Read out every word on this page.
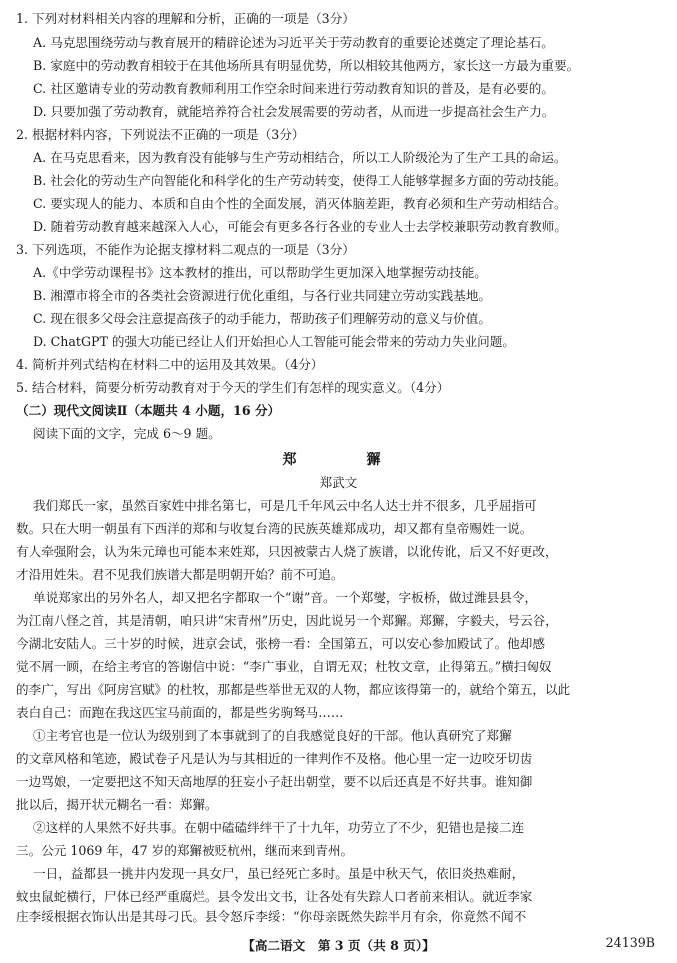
1. 下列对材料相关内容的理解和分析，正确的一项是（3分）
A. 马克思围绕劳动与教育展开的精辟论述为习近平关于劳动教育的重要论述奠定了理论基石。
B. 家庭中的劳动教育相较于在其他场所具有明显优势，所以相较其他两方，家长这一方最为重要。
C. 社区邀请专业的劳动教育教师利用工作空余时间来进行劳动教育知识的普及，是有必要的。
D. 只要加强了劳动教育，就能培养符合社会发展需要的劳动者，从而进一步提高社会生产力。
2. 根据材料内容，下列说法不正确的一项是（3分）
A. 在马克思看来，因为教育没有能够与生产劳动相结合，所以工人阶级沦为了生产工具的命运。
B. 社会化的劳动生产向智能化和科学化的生产劳动转变，使得工人能够掌握多方面的劳动技能。
C. 要实现人的能力、本质和自由个性的全面发展，消灭体脑差距，教育必须和生产劳动相结合。
D. 随着劳动教育越来越深入人心，可能会有更多各行各业的专业人士去学校兼职劳动教育教师。
3. 下列选项，不能作为论据支撑材料二观点的一项是（3分）
A.《中学劳动课程书》这本教材的推出，可以帮助学生更加深入地掌握劳动技能。
B. 湘潭市将全市的各类社会资源进行优化重组，与各行业共同建立劳动实践基地。
C. 现在很多父母会注意提高孩子的动手能力，帮助孩子们理解劳动的意义与价值。
D. ChatGPT 的强大功能已经让人们开始担心人工智能可能会带来的劳动力失业问题。
4. 简析并列式结构在材料二中的运用及其效果。（4分）
5. 结合材料，简要分析劳动教育对于今天的学生们有怎样的现实意义。（4分）
（二）现代文阅读Ⅱ（本题共 4 小题，16 分）
阅读下面的文字，完成 6～9 题。
郑　　獬
郑武文
我们郑氏一家，虽然百家姓中排名第七，可是几千年风云中名人达士并不很多，几乎屈指可
数。只在大明一朝虽有下西洋的郑和与收复台湾的民族英雄郑成功，却又都有皇帝赐姓一说。
有人牵强附会，认为朱元璋也可能本来姓郑，只因被蒙古人烧了族谱，以讹传讹，后又不好更改，
才沿用姓朱。君不见我们族谱大都是明朝开始？前不可追。
单说郑家出的另外名人，却又把名字都取一个“谢”音。一个郑燮，字板桥，做过潍县县令，
为江南八怪之首，其是清朝，咱只讲“宋青州”历史，因此说另一个郑獬。郑獬，字毅夫，号云谷，
今湖北安陆人。三十岁的时候，进京会试，张榜一看：全国第五，可以安心参加殿试了。他却感
觉不屑一顾，在给主考官的答谢信中说：“李广事业，自谓无双；杜牧文章，止得第五。”横扫匈奴
的李广，写出《阿房宫赋》的杜牧，那都是些举世无双的人物，都应该得第一的，就给个第五，以此
表白自己：而跑在我这匹宝马前面的，都是些劣驹驽马……
①主考官也是一位认为级别到了本事就到了的自我感觉良好的干部。他认真研究了郑獬
的文章风格和笔迹，殿试卷子凡是认为与其相近的一律判作不及格。他心里一定一边咬牙切齿
一边骂娘，一定要把这不知天高地厚的狂妄小子赶出朝堂，要不以后还真是不好共事。谁知御
批以后，揭开状元糊名一看：郑獬。
②这样的人果然不好共事。在朝中磕磕绊绊干了十九年，功劳立了不少，犯错也是接二连
三。公元 1069 年，47 岁的郑獬被贬杭州，继而来到青州。
一日，益都县一挑井内发现一具女尸，虽已经死亡多时。虽是中秋天气，依旧炎热难耐，
蚊虫鼠蛇横行，尸体已经严重腐烂。县令发出文书，让各处有失踪人口者前来相认。就近李家
庄李绥根据衣饰认出是其母刁氏。县令怒斥李绥：“你母亲既然失踪半月有余，你竟然不闻不
【高二语文　第 3 页（共 8 页）】	24139B
